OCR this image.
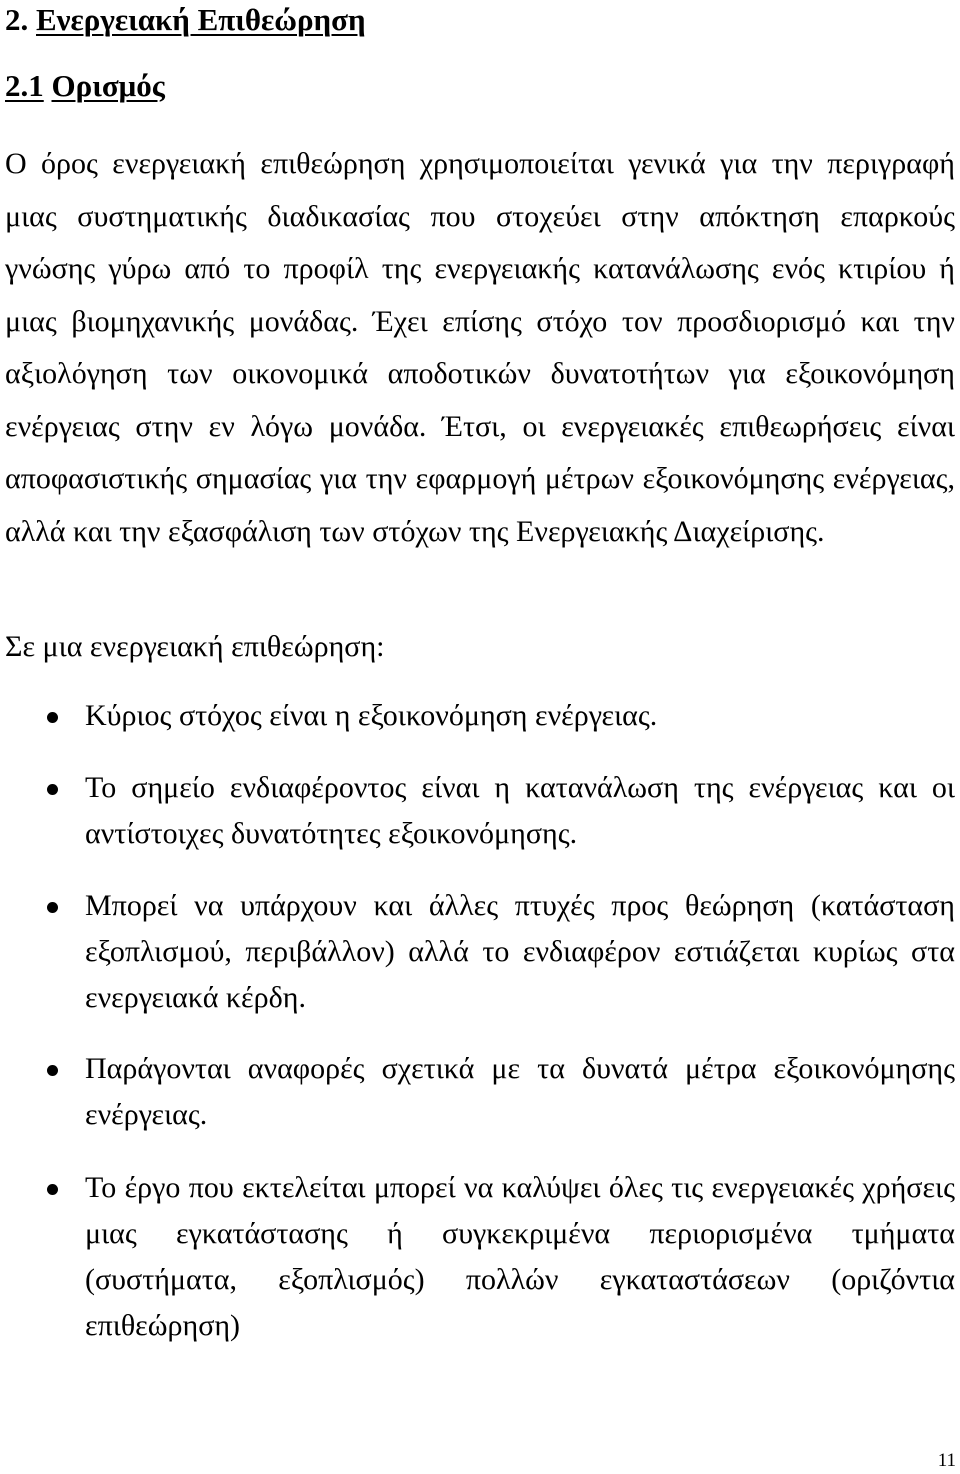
2. Ενεργειακή Επιθεώρηση
2.1 Ορισμός

Ο όρος ενεργειακή επιθεώρηση χρησιμοποιείται γενικά για την περιγραφή μιας συστηματικής διαδικασίας που στοχεύει στην απόκτηση επαρκούς γνώσης γύρω από το προφίλ της ενεργειακής κατανάλωσης ενός κτιρίου ή μιας βιομηχανικής μονάδας. Έχει επίσης στόχο τον προσδιορισμό και την αξιολόγηση των οικονομικά αποδοτικών δυνατοτήτων για εξοικονόμηση ενέργειας στην εν λόγω μονάδα. Έτσι, οι ενεργειακές επιθεωρήσεις είναι αποφασιστικής σημασίας για την εφαρμογή μέτρων εξοικονόμησης ενέργειας, αλλά και την εξασφάλιση των στόχων της Ενεργειακής Διαχείρισης.

Σε μια ενεργειακή επιθεώρηση:

Κύριος στόχος είναι η εξοικονόμηση ενέργειας.

Το σημείο ενδιαφέροντος είναι η κατανάλωση της ενέργειας και οι αντίστοιχες δυνατότητες εξοικονόμησης.

Μπορεί να υπάρχουν και άλλες πτυχές προς θεώρηση (κατάσταση εξοπλισμού, περιβάλλον) αλλά το ενδιαφέρον εστιάζεται κυρίως στα ενεργειακά κέρδη.

Παράγονται αναφορές σχετικά με τα δυνατά μέτρα εξοικονόμησης ενέργειας.

Το έργο που εκτελείται μπορεί να καλύψει όλες τις ενεργειακές χρήσεις μιας εγκατάστασης ή συγκεκριμένα περιορισμένα τμήματα (συστήματα, εξοπλισμός) πολλών εγκαταστάσεων (οριζόντια επιθεώρηση)

11
